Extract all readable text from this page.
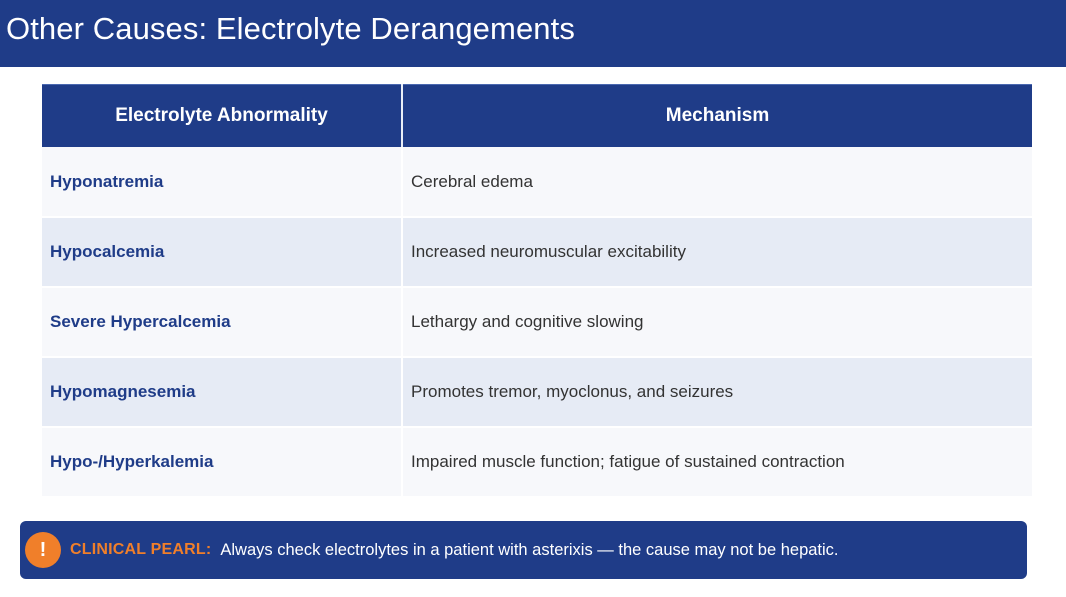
Other Causes: Electrolyte Derangements
Electrolyte Abnormality	Mechanism
Hyponatremia	Cerebral edema
Hypocalcemia	Increased neuromuscular excitability
Severe Hypercalcemia	Lethargy and cognitive slowing
Hypomagnesemia	Promotes tremor, myoclonus, and seizures
Hypo-/Hyperkalemia	Impaired muscle function; fatigue of sustained contraction
!	CLINICAL PEARL: Always check electrolytes in a patient with asterixis — the cause may not be hepatic.
